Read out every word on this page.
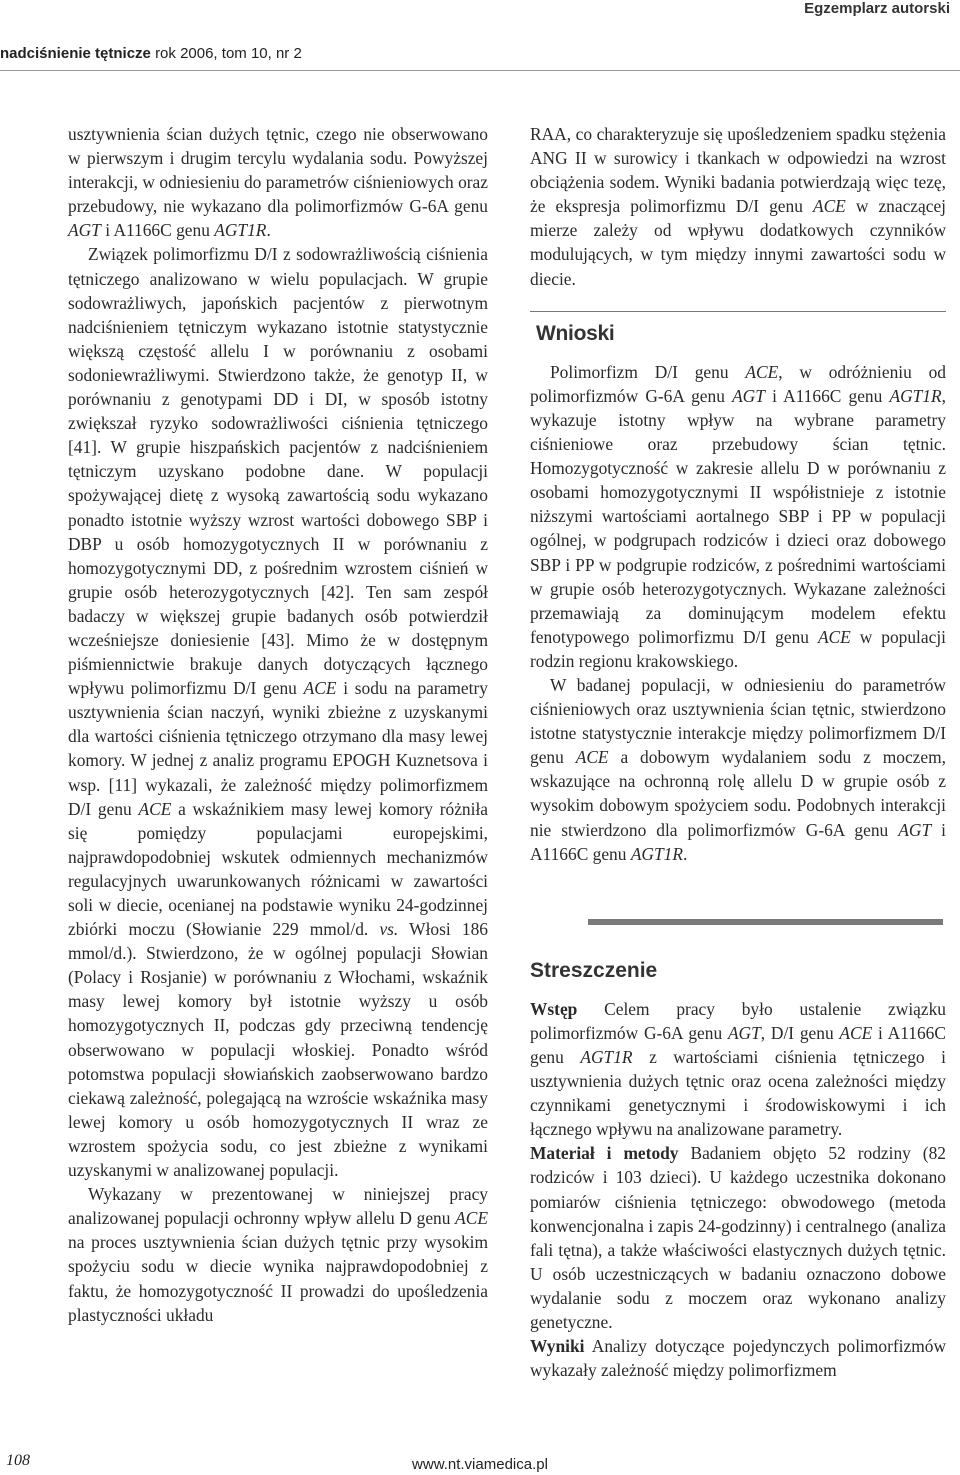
Egzemplarz autorski
nadciśnienie tętnicze rok 2006, tom 10, nr 2

usztywnienia ścian dużych tętnic, czego nie obserwowano w pierwszym i drugim tercylu wydalania sodu. Powyższej interakcji, w odniesieniu do parametrów ciśnieniowych oraz przebudowy, nie wykazano dla polimorfizmów G-6A genu AGT i A1166C genu AGT1R.

Związek polimorfizmu D/I z sodowrażliwością ciśnienia tętniczego analizowano w wielu populacjach. W grupie sodowrażliwych, japońskich pacjentów z pierwotnym nadciśnieniem tętniczym wykazano istotnie statystycznie większą częstość allelu I w porównaniu z osobami sodoniewrażliwymi. Stwierdzono także, że genotyp II, w porównaniu z genotypami DD i DI, w sposób istotny zwiększał ryzyko sodowrażliwości ciśnienia tętniczego [41]. W grupie hiszpańskich pacjentów z nadciśnieniem tętniczym uzyskano podobne dane. W populacji spożywającej dietę z wysoką zawartością sodu wykazano ponadto istotnie wyższy wzrost wartości dobowego SBP i DBP u osób homozygotycznych II w porównaniu z homozygotycznymi DD, z pośrednim wzrostem ciśnień w grupie osób heterozygotycznych [42]. Ten sam zespół badaczy w większej grupie badanych osób potwierdził wcześniejsze doniesienie [43]. Mimo że w dostępnym piśmiennictwie brakuje danych dotyczących łącznego wpływu polimorfizmu D/I genu ACE i sodu na parametry usztywnienia ścian naczyń, wyniki zbieżne z uzyskanymi dla wartości ciśnienia tętniczego otrzymano dla masy lewej komory. W jednej z analiz programu EPOGH Kuznetsova i wsp. [11] wykazali, że zależność między polimorfizmem D/I genu ACE a wskaźnikiem masy lewej komory różniła się pomiędzy populacjami europejskimi, najprawdopodobniej wskutek odmiennych mechanizmów regulacyjnych uwarunkowanych różnicami w zawartości soli w diecie, ocenianej na podstawie wyniku 24-godzinnej zbiórki moczu (Słowianie 229 mmol/d. vs. Włosi 186 mmol/d.). Stwierdzono, że w ogólnej populacji Słowian (Polacy i Rosjanie) w porównaniu z Włochami, wskaźnik masy lewej komory był istotnie wyższy u osób homozygotycznych II, podczas gdy przeciwną tendencję obserwowano w populacji włoskiej. Ponadto wśród potomstwa populacji słowiańskich zaobserwowano bardzo ciekawą zależność, polegającą na wzroście wskaźnika masy lewej komory u osób homozygotycznych II wraz ze wzrostem spożycia sodu, co jest zbieżne z wynikami uzyskanymi w analizowanej populacji.

Wykazany w prezentowanej w niniejszej pracy analizowanej populacji ochronny wpływ allelu D genu ACE na proces usztywnienia ścian dużych tętnic przy wysokim spożyciu sodu w diecie wynika najprawdopodobniej z faktu, że homozygotyczność II prowadzi do upośledzenia plastyczności układu

RAA, co charakteryzuje się upośledzeniem spadku stężenia ANG II w surowicy i tkankach w odpowiedzi na wzrost obciążenia sodem. Wyniki badania potwierdzają więc tezę, że ekspresja polimorfizmu D/I genu ACE w znaczącej mierze zależy od wpływu dodatkowych czynników modulujących, w tym między innymi zawartości sodu w diecie.

Wnioski

Polimorfizm D/I genu ACE, w odróżnieniu od polimorfizmów G-6A genu AGT i A1166C genu AGT1R, wykazuje istotny wpływ na wybrane parametry ciśnieniowe oraz przebudowy ścian tętnic. Homozygotyczność w zakresie allelu D w porównaniu z osobami homozygotycznymi II współistnieje z istotnie niższymi wartościami aortalnego SBP i PP w populacji ogólnej, w podgrupach rodziców i dzieci oraz dobowego SBP i PP w podgrupie rodziców, z pośrednimi wartościami w grupie osób heterozygotycznych. Wykazane zależności przemawiają za dominującym modelem efektu fenotypowego polimorfizmu D/I genu ACE w populacji rodzin regionu krakowskiego.

W badanej populacji, w odniesieniu do parametrów ciśnieniowych oraz usztywnienia ścian tętnic, stwierdzono istotne statystycznie interakcje między polimorfizmem D/I genu ACE a dobowym wydalaniem sodu z moczem, wskazujące na ochronną rolę allelu D w grupie osób z wysokim dobowym spożyciem sodu. Podobnych interakcji nie stwierdzono dla polimorfizmów G-6A genu AGT i A1166C genu AGT1R.

Streszczenie

Wstęp Celem pracy było ustalenie związku polimorfizmów G-6A genu AGT, D/I genu ACE i A1166C genu AGT1R z wartościami ciśnienia tętniczego i usztywnienia dużych tętnic oraz ocena zależności między czynnikami genetycznymi i środowiskowymi i ich łącznego wpływu na analizowane parametry.

Materiał i metody Badaniem objęto 52 rodziny (82 rodziców i 103 dzieci). U każdego uczestnika dokonano pomiarów ciśnienia tętniczego: obwodowego (metoda konwencjonalna i zapis 24-godzinny) i centralnego (analiza fali tętna), a także właściwości elastycznych dużych tętnic. U osób uczestniczących w badaniu oznaczono dobowe wydalanie sodu z moczem oraz wykonano analizy genetyczne.

Wyniki Analizy dotyczące pojedynczych polimorfizmów wykazały zależność między polimorfizmem

108	www.nt.viamedica.pl
